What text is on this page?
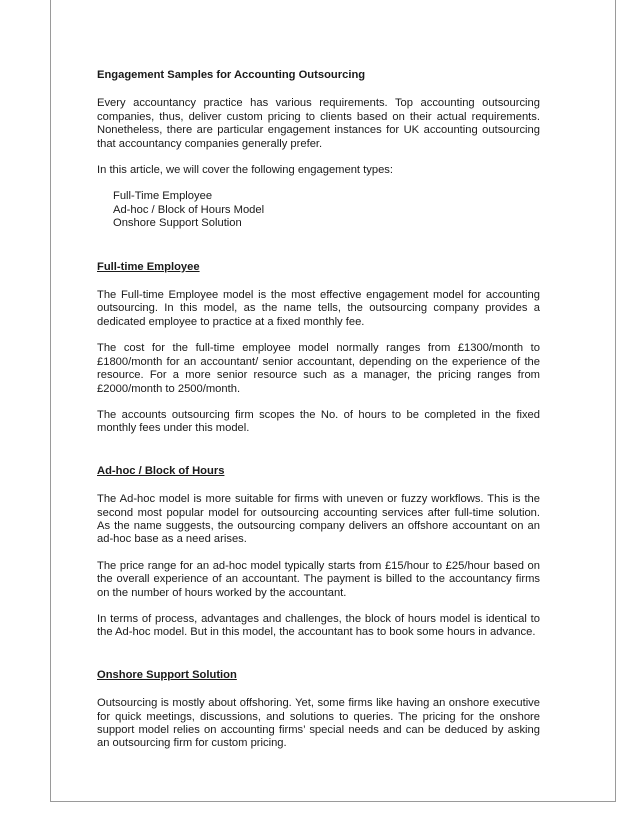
Engagement Samples for Accounting Outsourcing

Every accountancy practice has various requirements. Top accounting outsourcing companies, thus, deliver custom pricing to clients based on their actual requirements. Nonetheless, there are particular engagement instances for UK accounting outsourcing that accountancy companies generally prefer.

In this article, we will cover the following engagement types:

Full-Time Employee
Ad-hoc / Block of Hours Model
Onshore Support Solution
Full-time Employee

The Full-time Employee model is the most effective engagement model for accounting outsourcing. In this model, as the name tells, the outsourcing company provides a dedicated employee to practice at a fixed monthly fee.

The cost for the full-time employee model normally ranges from £1300/month to £1800/month for an accountant/ senior accountant, depending on the experience of the resource. For a more senior resource such as a manager, the pricing ranges from £2000/month to 2500/month.

The accounts outsourcing firm scopes the No. of hours to be completed in the fixed monthly fees under this model.

Ad-hoc / Block of Hours

The Ad-hoc model is more suitable for firms with uneven or fuzzy workflows. This is the second most popular model for outsourcing accounting services after full-time solution. As the name suggests, the outsourcing company delivers an offshore accountant on an ad-hoc base as a need arises.

The price range for an ad-hoc model typically starts from £15/hour to £25/hour based on the overall experience of an accountant. The payment is billed to the accountancy firms on the number of hours worked by the accountant.

In terms of process, advantages and challenges, the block of hours model is identical to the Ad-hoc model. But in this model, the accountant has to book some hours in advance.

Onshore Support Solution

Outsourcing is mostly about offshoring. Yet, some firms like having an onshore executive for quick meetings, discussions, and solutions to queries. The pricing for the onshore support model relies on accounting firms’ special needs and can be deduced by asking an outsourcing firm for custom pricing.
